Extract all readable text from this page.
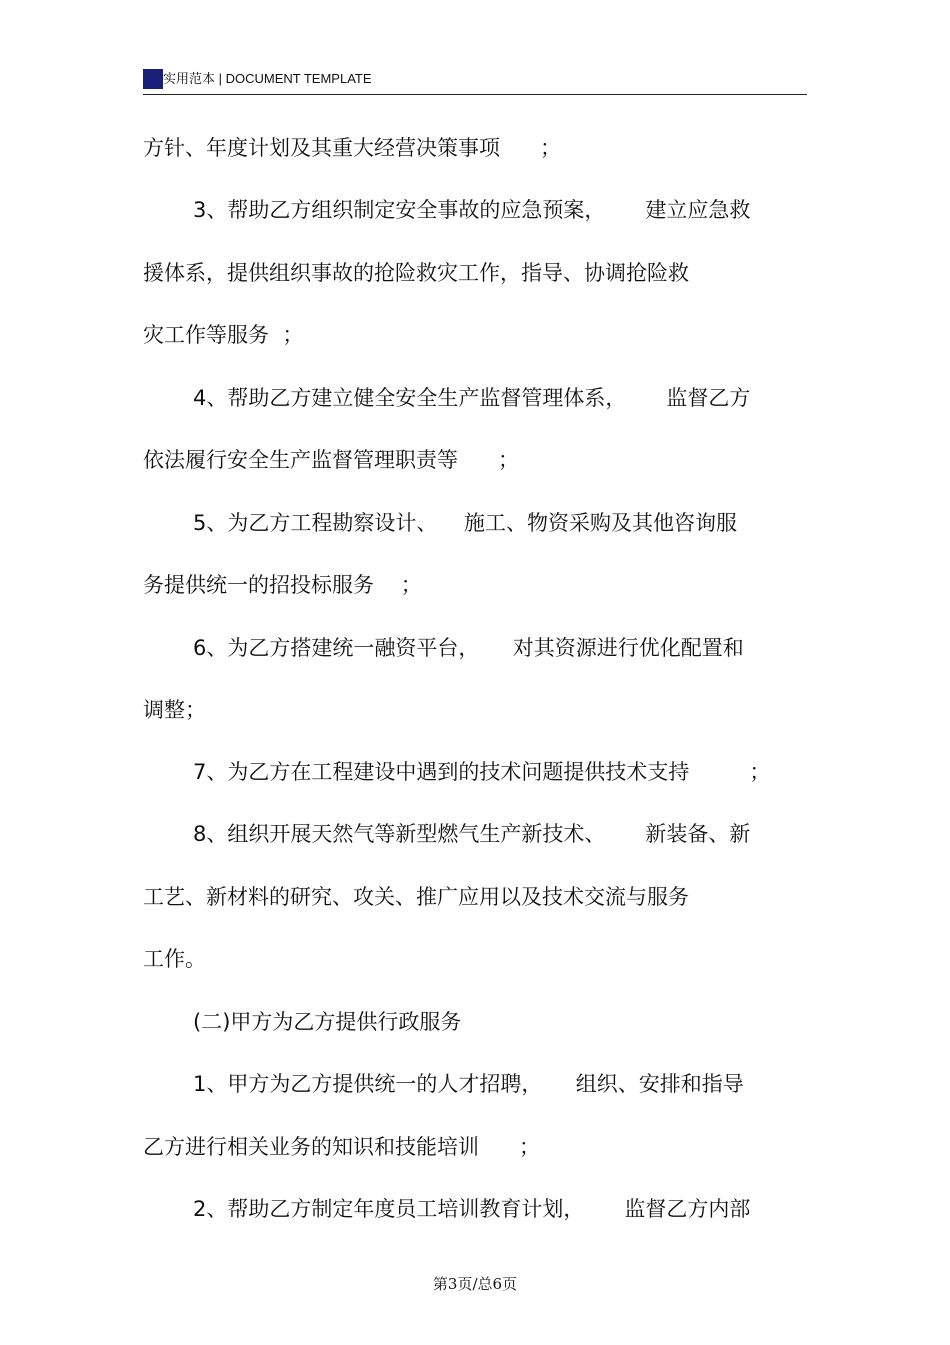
实用范本 | DOCUMENT TEMPLATE
方针、年度计划及其重大经营决策事项      ；
3、帮助乙方组织制定安全事故的应急预案，      建立应急救
援体系，提供组织事故的抢险救灾工作，指导、协调抢险救
灾工作等服务  ；
4、帮助乙方建立健全安全生产监督管理体系，      监督乙方
依法履行安全生产监督管理职责等      ；
5、为乙方工程勘察设计、    施工、物资采购及其他咨询服
务提供统一的招投标服务    ；
6、为乙方搭建统一融资平台，     对其资源进行优化配置和
调整；
7、为乙方在工程建设中遇到的技术问题提供技术支持         ；
8、组织开展天然气等新型燃气生产新技术、      新装备、新
工艺、新材料的研究、攻关、推广应用以及技术交流与服务
工作。
(二)甲方为乙方提供行政服务
1、甲方为乙方提供统一的人才招聘，     组织、安排和指导
乙方进行相关业务的知识和技能培训      ；
2、帮助乙方制定年度员工培训教育计划，      监督乙方内部
第3页/总6页
